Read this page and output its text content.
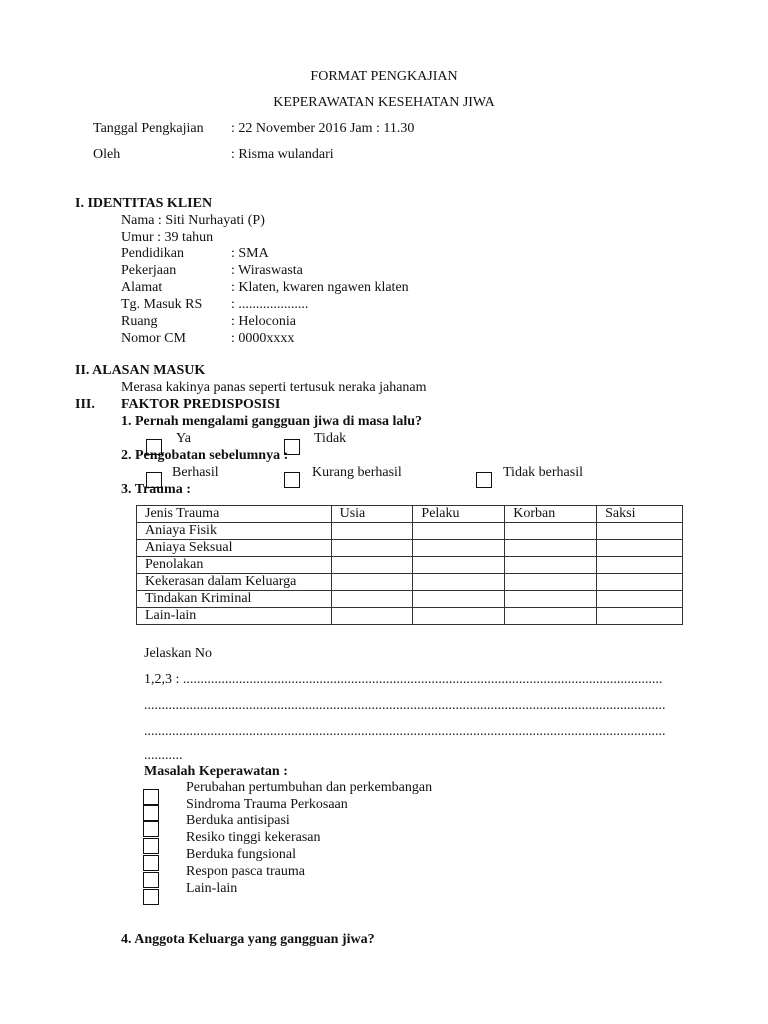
FORMAT PENGKAJIAN
KEPERAWATAN KESEHATAN JIWA
Tanggal Pengkajian : 22 November 2016 Jam : 11.30
Oleh	: Risma wulandari
I. IDENTITAS KLIEN
Nama : Siti Nurhayati (P)
Umur : 39 tahun
Pendidikan	: SMA
Pekerjaan	: Wiraswasta
Alamat	: Klaten, kwaren ngawen klaten
Tg. Masuk RS : ....................
Ruang	: Heloconia
Nomor CM	: 0000xxxx
II. ALASAN MASUK
Merasa kakinya panas seperti tertusuk neraka jahanam
III. FAKTOR PREDISPOSISI
1. Pernah mengalami gangguan jiwa di masa lalu?
Ya	Tidak
2. Pengobatan sebelumnya :
Berhasil	Kurang berhasil	Tidak berhasil
3. Trauma :
Jenis Trauma	Usia	Pelaku	Korban	Saksi
Aniaya Fisik				
Aniaya Seksual				
Penolakan				
Kekerasan dalam Keluarga				
Tindakan Kriminal				
Lain-lain				
Jelaskan No
1,2,3 : .........................................................................................................................................
.....................................................................................................................................................
.....................................................................................................................................................
...........
Masalah Keperawatan :
Perubahan pertumbuhan dan perkembangan
Sindroma Trauma Perkosaan
Berduka antisipasi
Resiko tinggi kekerasan
Berduka fungsional
Respon pasca trauma
Lain-lain
4. Anggota Keluarga yang gangguan jiwa?
